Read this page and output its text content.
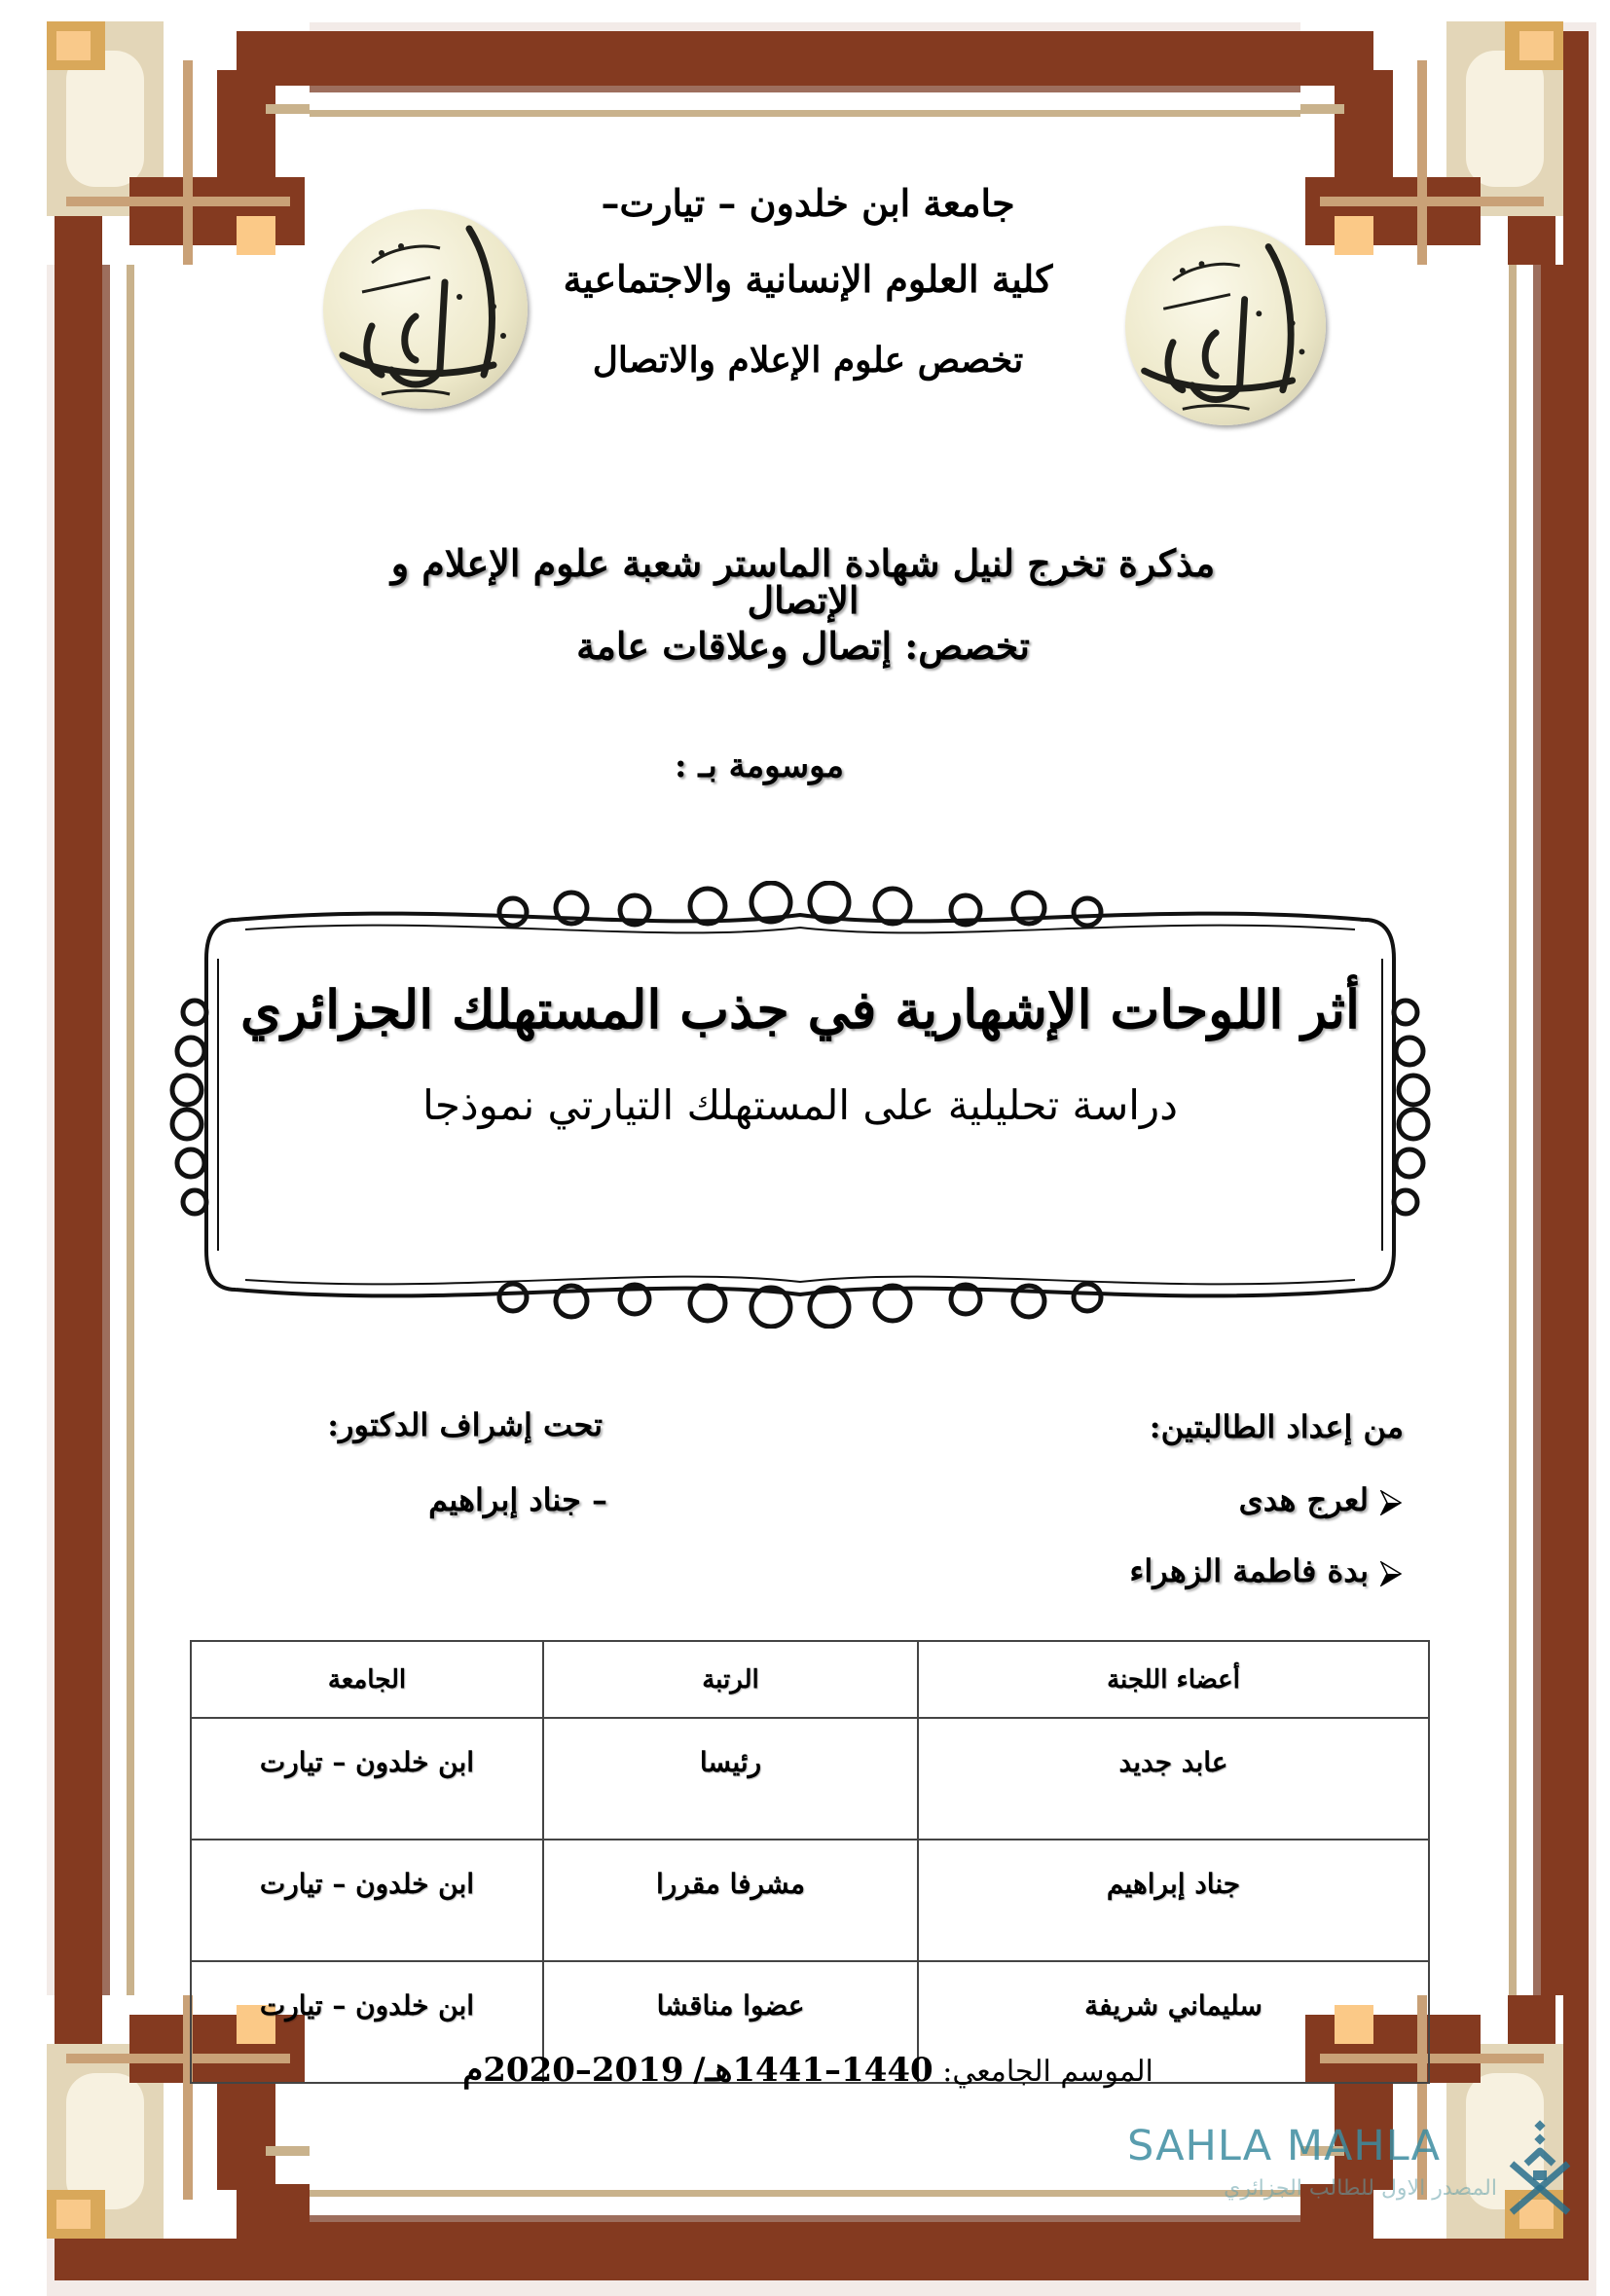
جامعة ابن خلدون – تيارت–
كلية العلوم الإنسانية والاجتماعية
تخصص علوم الإعلام والاتصال
مذكرة تخرج لنيل شهادة الماستر شعبة علوم الإعلام و الإتصال
تخصص: إتصال وعلاقات عامة
موسومة بـ :
أثر اللوحات الإشهارية في جذب المستهلك الجزائري
دراسة تحليلية على المستهلك التيارتي نموذجا
من إعداد الطالبتين:
لعرج هدى
بدة فاطمة الزهراء
تحت إشراف الدكتور:
– جناد إبراهيم
أعضاء اللجنة	الرتبة	الجامعة
عابد جديد	رئيسا	ابن خلدون – تيارت
جناد إبراهيم	مشرفا مقررا	ابن خلدون – تيارت
سليماني شريفة	عضوا مناقشا	ابن خلدون – تيارت
الموسم الجامعي: 1440–1441هـ/ 2019–2020م
SAHLA MAHLA
المصدر الاول للطالب الجزائري
